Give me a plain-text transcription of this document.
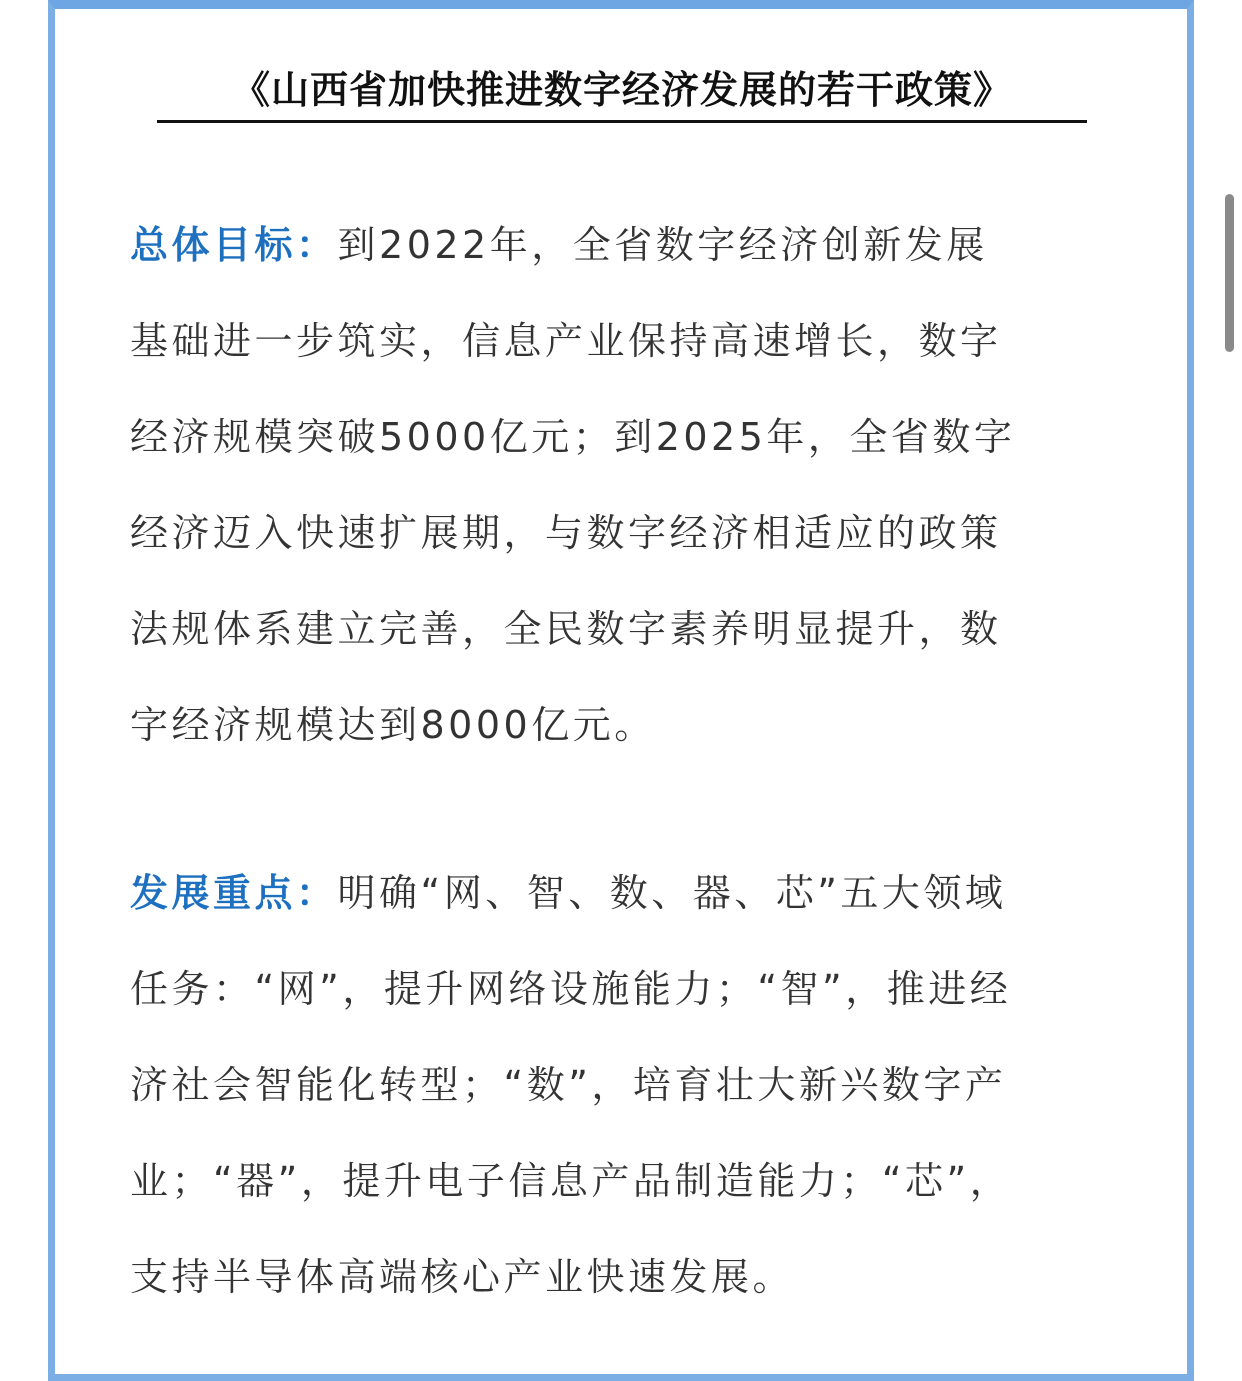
《山西省加快推进数字经济发展的若干政策》

总体目标：到2022年，全省数字经济创新发展

基础进一步筑实，信息产业保持高速增长，数字

经济规模突破5000亿元；到2025年，全省数字

经济迈入快速扩展期，与数字经济相适应的政策

法规体系建立完善，全民数字素养明显提升，数

字经济规模达到8000亿元。

发展重点：明确“网、智、数、器、芯”五大领域

任务：“网”，提升网络设施能力；“智”，推进经

济社会智能化转型；“数”，培育壮大新兴数字产

业；“器”，提升电子信息产品制造能力；“芯”，

支持半导体高端核心产业快速发展。
